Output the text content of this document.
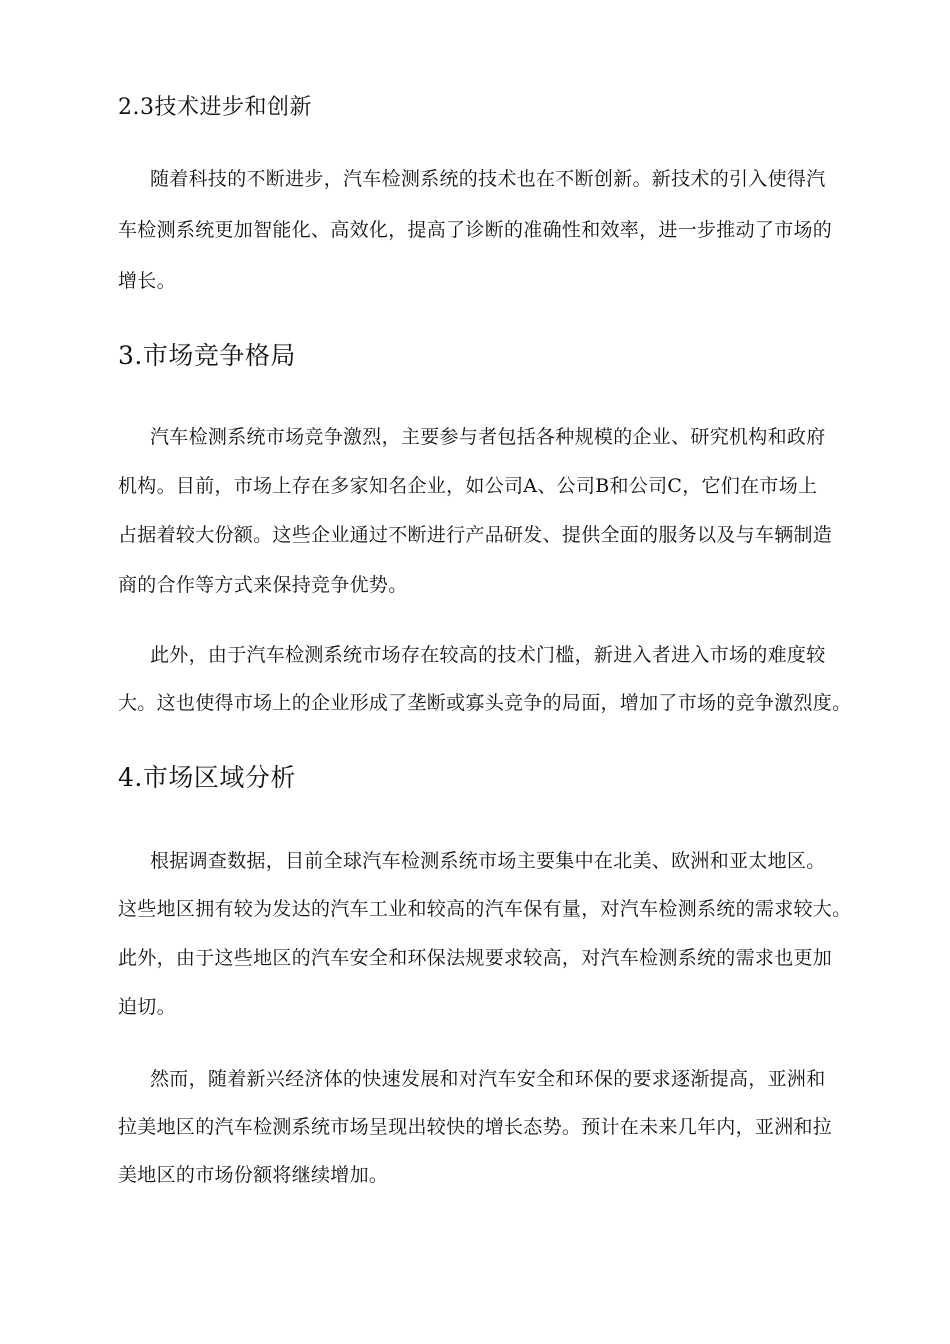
2.3技术进步和创新
随着科技的不断进步，汽车检测系统的技术也在不断创新。新技术的引入使得汽
车检测系统更加智能化、高效化，提高了诊断的准确性和效率，进一步推动了市场的
增长。
3.市场竞争格局
汽车检测系统市场竞争激烈，主要参与者包括各种规模的企业、研究机构和政府
机构。目前，市场上存在多家知名企业，如公司A、公司B和公司C，它们在市场上
占据着较大份额。这些企业通过不断进行产品研发、提供全面的服务以及与车辆制造
商的合作等方式来保持竞争优势。
此外，由于汽车检测系统市场存在较高的技术门槛，新进入者进入市场的难度较
大。这也使得市场上的企业形成了垄断或寡头竞争的局面，增加了市场的竞争激烈度。
4.市场区域分析
根据调查数据，目前全球汽车检测系统市场主要集中在北美、欧洲和亚太地区。
这些地区拥有较为发达的汽车工业和较高的汽车保有量，对汽车检测系统的需求较大。
此外，由于这些地区的汽车安全和环保法规要求较高，对汽车检测系统的需求也更加
迫切。
然而，随着新兴经济体的快速发展和对汽车安全和环保的要求逐渐提高，亚洲和
拉美地区的汽车检测系统市场呈现出较快的增长态势。预计在未来几年内，亚洲和拉
美地区的市场份额将继续增加。
